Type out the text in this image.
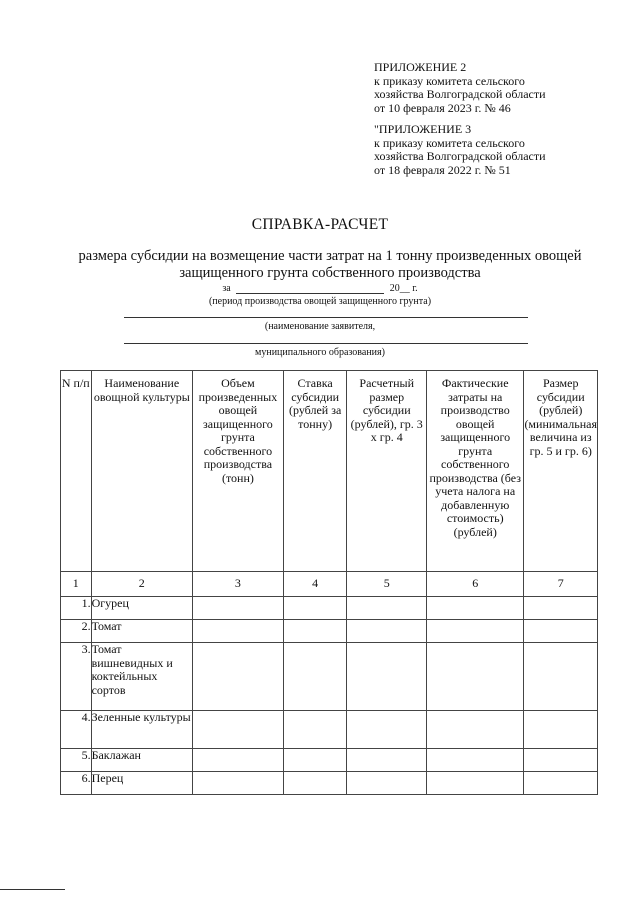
ПРИЛОЖЕНИЕ 2
к приказу комитета сельского
хозяйства Волгоградской области
от 10 февраля 2023 г. № 46
"ПРИЛОЖЕНИЕ 3
к приказу комитета сельского
хозяйства Волгоградской области
от 18 февраля 2022 г. № 51
СПРАВКА-РАСЧЕТ
размера субсидии на возмещение части затрат на 1 тонну произведенных овощей
защищенного грунта собственного производства
за	20__ г.
(период производства овощей защищенного грунта)
(наименование заявителя,
муниципального образования)
N п/п	Наименование овощной культуры	Объем произведенных овощей защищенного грунта собственного производства (тонн)	Ставка субсидии (рублей за тонну)	Расчетный размер субсидии (рублей), гр. 3 x гр. 4	Фактические затраты на производство овощей защищенного грунта собственного производства (без учета налога на добавленную стоимость) (рублей)	Размер субсидии (рублей) (минимальная величина из гр. 5 и гр. 6)
1	2	3	4	5	6	7
1.	Огурец					
2.	Томат					
3.	Томат вишневидных и коктейльных сортов					
4.	Зеленные культуры					
5.	Баклажан					
6.	Перец					
